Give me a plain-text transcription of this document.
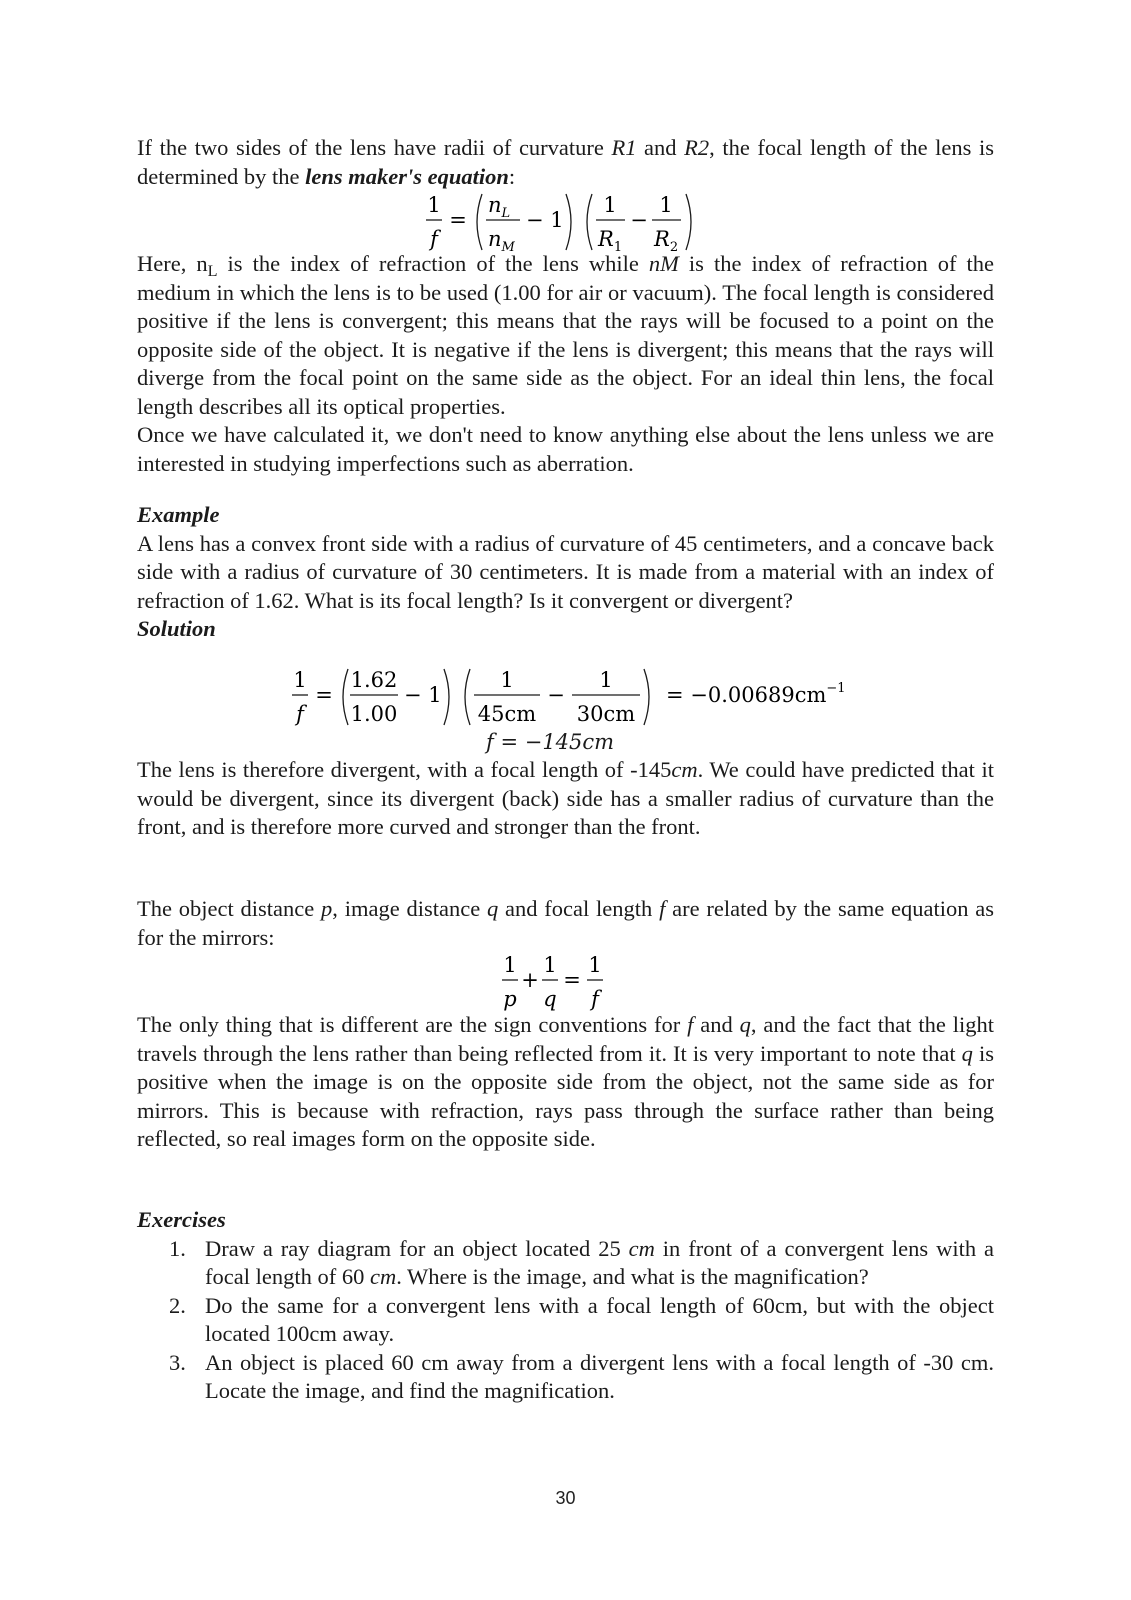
If the two sides of the lens have radii of curvature R1 and R2, the focal length of the lens is determined by the lens maker's equation:

1
f
=
$n_L$
$n_M$
− 1
1
$R_1$
−
1
$R_2$

Here, $n_L$ is the index of refraction of the lens while nM is the index of refraction of the medium in which the lens is to be used (1.00 for air or vacuum). The focal length is considered positive if the lens is convergent; this means that the rays will be focused to a point on the opposite side of the object. It is negative if the lens is divergent; this means that the rays will diverge from the focal point on the same side as the object. For an ideal thin lens, the focal length describes all its optical properties.

Once we have calculated it, we don't need to know anything else about the lens unless we are interested in studying imperfections such as aberration.

Example

A lens has a convex front side with a radius of curvature of 45 centimeters, and a concave back side with a radius of curvature of 30 centimeters. It is made from a material with an index of refraction of 1.62. What is its focal length? Is it convergent or divergent?

Solution

1
f
=
1.62
1.00
− 1
1
45cm
−
1
30cm
= $-0.00689cm^{-1}$
f = −145cm

The lens is therefore divergent, with a focal length of -145cm. We could have predicted that it would be divergent, since its divergent (back) side has a smaller radius of curvature than the front, and is therefore more curved and stronger than the front.

The object distance p, image distance q and focal length f are related by the same equation as for the mirrors:

1
p
+
1
q
=
1
f

The only thing that is different are the sign conventions for f and q, and the fact that the light travels through the lens rather than being reflected from it. It is very important to note that q is positive when the image is on the opposite side from the object, not the same side as for mirrors. This is because with refraction, rays pass through the surface rather than being reflected, so real images form on the opposite side.

Exercises

1. Draw a ray diagram for an object located 25 cm in front of a convergent lens with a focal length of 60 cm. Where is the image, and what is the magnification?

2. Do the same for a convergent lens with a focal length of 60cm, but with the object located 100cm away.

3. An object is placed 60 cm away from a divergent lens with a focal length of -30 cm. Locate the image, and find the magnification.

30
